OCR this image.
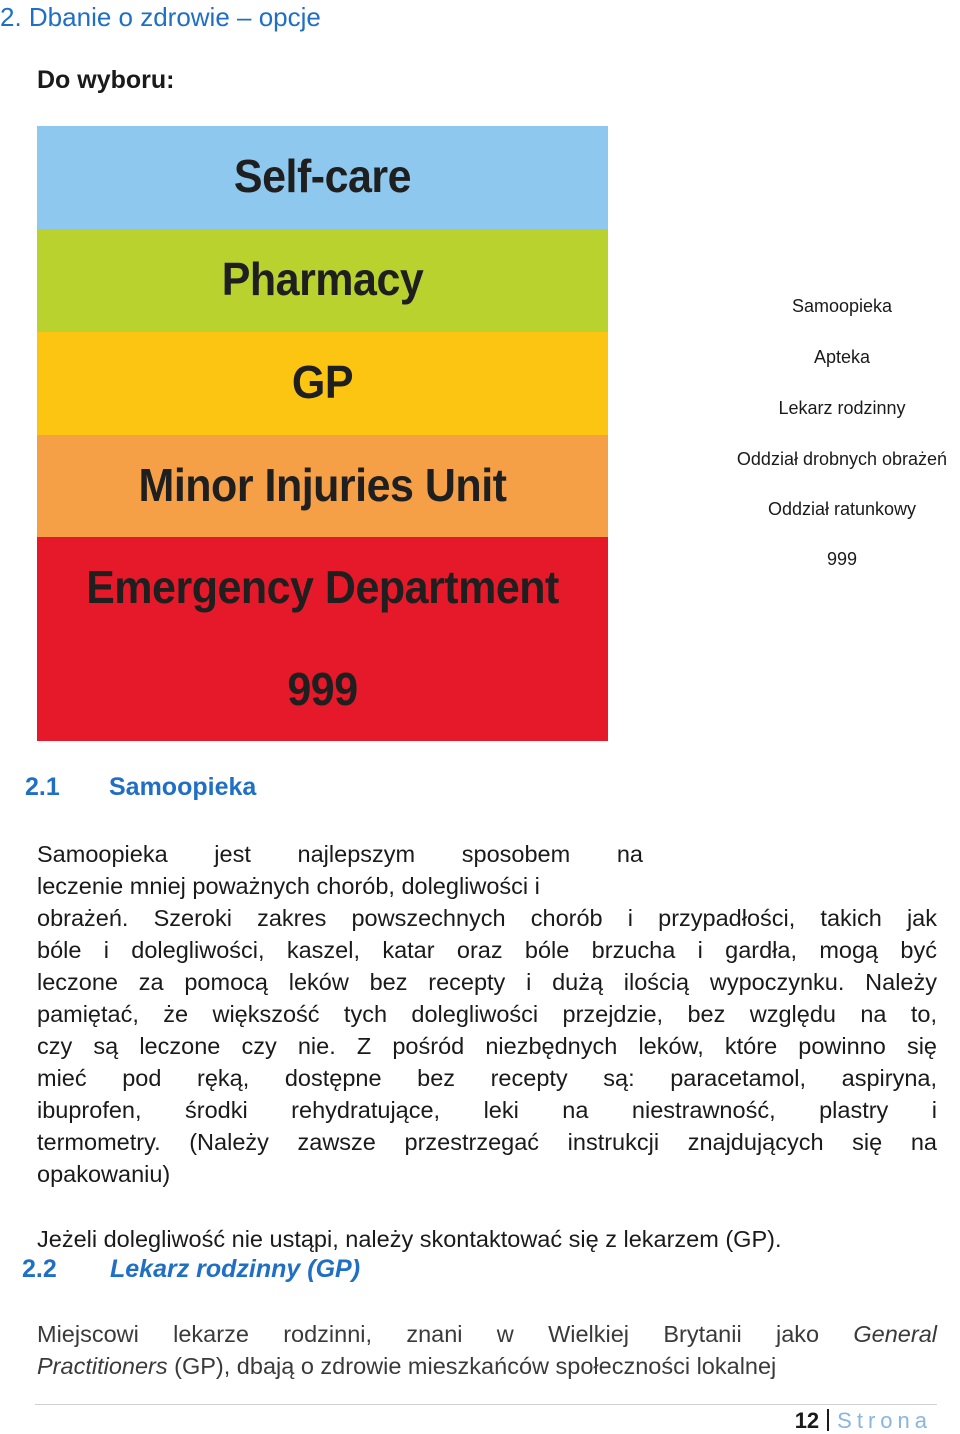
2. Dbanie o zdrowie – opcje
Do wyboru:
Self-care
Pharmacy
GP
Minor Injuries Unit
Emergency Department
999
Samoopieka
Apteka
Lekarz rodzinny
Oddział drobnych obrażeń
Oddział ratunkowy
999
2.1 Samoopieka
Samoopieka jest najlepszym sposobem na
leczenie mniej poważnych chorób, dolegliwości i
obrażeń. Szeroki zakres powszechnych chorób i przypadłości, takich jak
bóle i dolegliwości, kaszel, katar oraz bóle brzucha i gardła, mogą być
leczone za pomocą leków bez recepty i dużą ilością wypoczynku. Należy
pamiętać, że większość tych dolegliwości przejdzie, bez względu na to,
czy są leczone czy nie. Z pośród niezbędnych leków, które powinno się
mieć pod ręką, dostępne bez recepty są: paracetamol, aspiryna,
ibuprofen, środki rehydratujące, leki na niestrawność, plastry i
termometry. (Należy zawsze przestrzegać instrukcji znajdujących się na
opakowaniu)
Jeżeli dolegliwość nie ustąpi, należy skontaktować się z lekarzem (GP).
2.2 Lekarz rodzinny (GP)
Miejscowi lekarze rodzinni, znani w Wielkiej Brytanii jako General
Practitioners (GP), dbają o zdrowie mieszkańców społeczności lokalnej
12 Strona
